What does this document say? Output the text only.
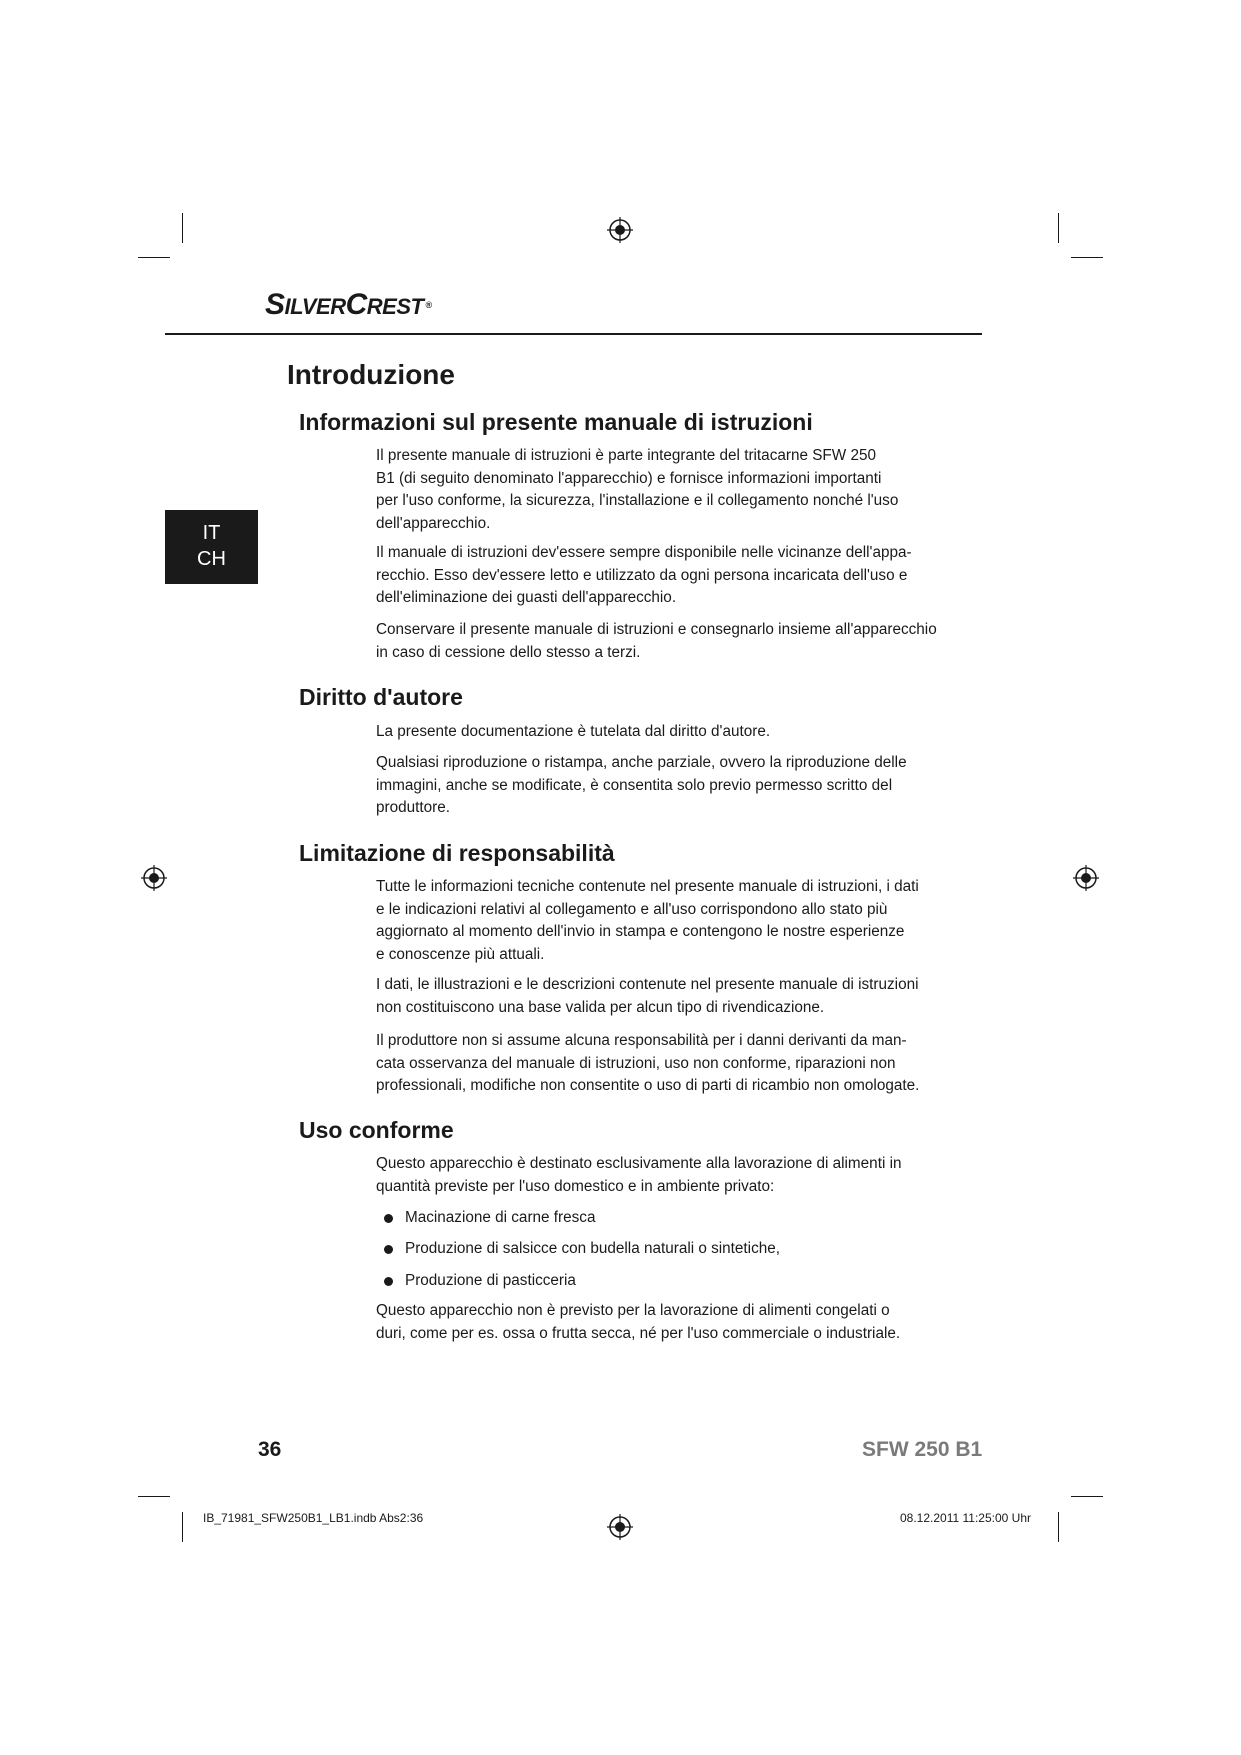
SILVERCREST ®
IT
CH
Introduzione
Informazioni sul presente manuale di istruzioni
Il presente manuale di istruzioni è parte integrante del tritacarne SFW 250
B1 (di seguito denominato l'apparecchio) e fornisce informazioni importanti
per l'uso conforme, la sicurezza, l'installazione e il collegamento nonché l'uso
dell'apparecchio.
Il manuale di istruzioni dev'essere sempre disponibile nelle vicinanze dell'appa-
recchio. Esso dev'essere letto e utilizzato da ogni persona incaricata dell'uso e
dell'eliminazione dei guasti dell'apparecchio.
Conservare il presente manuale di istruzioni e consegnarlo insieme all'apparecchio
in caso di cessione dello stesso a terzi.
Diritto d'autore
La presente documentazione è tutelata dal diritto d'autore.
Qualsiasi riproduzione o ristampa, anche parziale, ovvero la riproduzione delle
immagini, anche se modificate, è consentita solo previo permesso scritto del
produttore.
Limitazione di responsabilità
Tutte le informazioni tecniche contenute nel presente manuale di istruzioni, i dati
e le indicazioni relativi al collegamento e all'uso corrispondono allo stato più
aggiornato al momento dell'invio in stampa e contengono le nostre esperienze
e conoscenze più attuali.
I dati, le illustrazioni e le descrizioni contenute nel presente manuale di istruzioni
non costituiscono una base valida per alcun tipo di rivendicazione.
Il produttore non si assume alcuna responsabilità per i danni derivanti da man-
cata osservanza del manuale di istruzioni, uso non conforme, riparazioni non
professionali, modifiche non consentite o uso di parti di ricambio non omologate.
Uso conforme
Questo apparecchio è destinato esclusivamente alla lavorazione di alimenti in
quantità previste per l'uso domestico e in ambiente privato:
Macinazione di carne fresca
Produzione di salsicce con budella naturali o sintetiche,
Produzione di pasticceria
Questo apparecchio non è previsto per la lavorazione di alimenti congelati o
duri, come per es. ossa o frutta secca, né per l'uso commerciale o industriale.
36	SFW 250 B1
IB_71981_SFW250B1_LB1.indb Abs2:36	08.12.2011 11:25:00 Uhr
